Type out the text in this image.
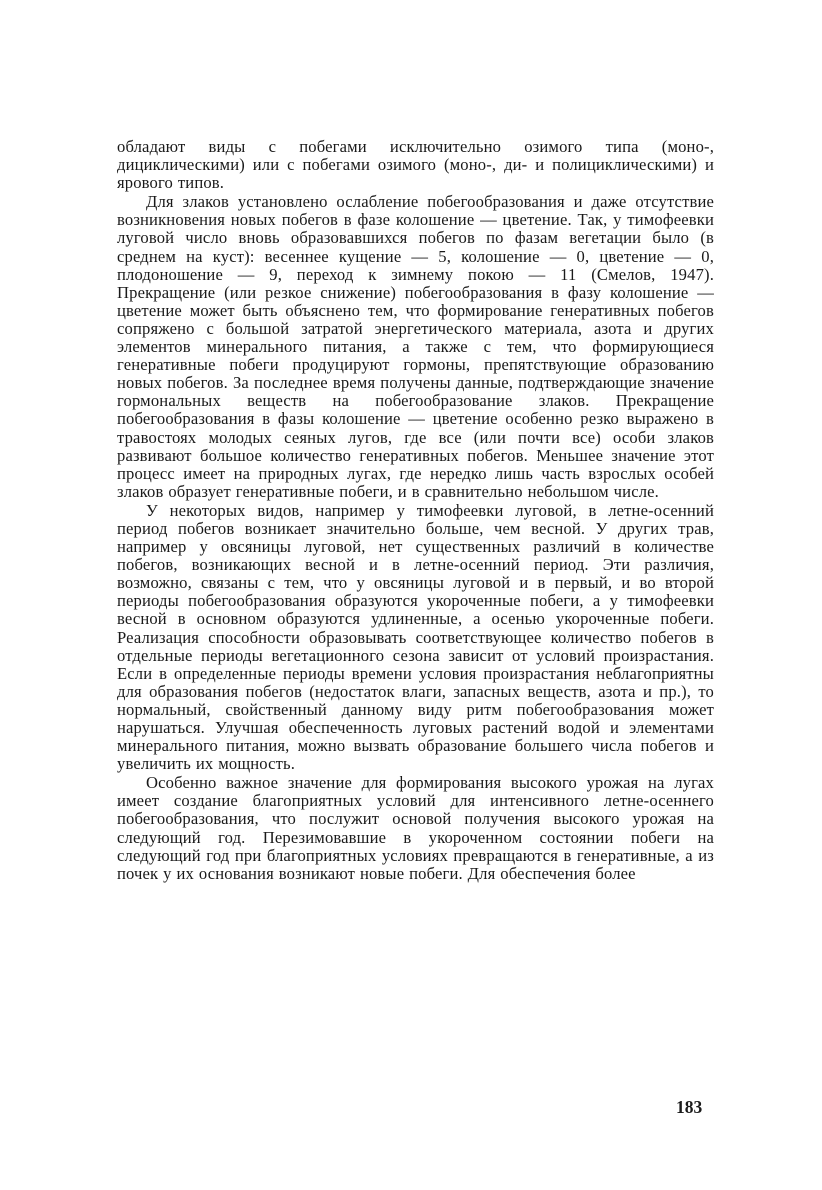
обладают виды с побегами исключительно озимого типа (моно-, дициклическими) или с побегами озимого (моно-, ди- и полициклическими) и ярового типов.

Для злаков установлено ослабление побегообразования и даже отсутствие возникновения новых побегов в фазе колошение — цветение. Так, у тимофеевки луговой число вновь образовавшихся побегов по фазам вегетации было (в среднем на куст): весеннее кущение — 5, колошение — 0, цветение — 0, плодоношение — 9, переход к зимнему покою — 11 (Смелов, 1947). Прекращение (или резкое снижение) побегообразования в фазу колошение — цветение может быть объяснено тем, что формирование генеративных побегов сопряжено с большой затратой энергетического материала, азота и других элементов минерального питания, а также с тем, что формирующиеся генеративные побеги продуцируют гормоны, препятствующие образованию новых побегов. За последнее время получены данные, подтверждающие значение гормональных веществ на побегообразование злаков. Прекращение побегообразования в фазы колошение — цветение особенно резко выражено в травостоях молодых сеяных лугов, где все (или почти все) особи злаков развивают большое количество генеративных побегов. Меньшее значение этот процесс имеет на природных лугах, где нередко лишь часть взрослых особей злаков образует генеративные побеги, и в сравнительно небольшом числе.

У некоторых видов, например у тимофеевки луговой, в летне-осенний период побегов возникает значительно больше, чем весной. У других трав, например у овсяницы луговой, нет существенных различий в количестве побегов, возникающих весной и в летне-осенний период. Эти различия, возможно, связаны с тем, что у овсяницы луговой и в первый, и во второй периоды побегообразования образуются укороченные побеги, а у тимофеевки весной в основном образуются удлиненные, а осенью укороченные побеги. Реализация способности образовывать соответствующее количество побегов в отдельные периоды вегетационного сезона зависит от условий произрастания. Если в определенные периоды времени условия произрастания неблагоприятны для образования побегов (недостаток влаги, запасных веществ, азота и пр.), то нормальный, свойственный данному виду ритм побегообразования может нарушаться. Улучшая обеспеченность луговых растений водой и элементами минерального питания, можно вызвать образование большего числа побегов и увеличить их мощность.

Особенно важное значение для формирования высокого урожая на лугах имеет создание благоприятных условий для интенсивного летне-осеннего побегообразования, что послужит основой получения высокого урожая на следующий год. Перезимовавшие в укороченном состоянии побеги на следующий год при благоприятных условиях превращаются в генеративные, а из почек у их основания возникают новые побеги. Для обеспечения более

183
